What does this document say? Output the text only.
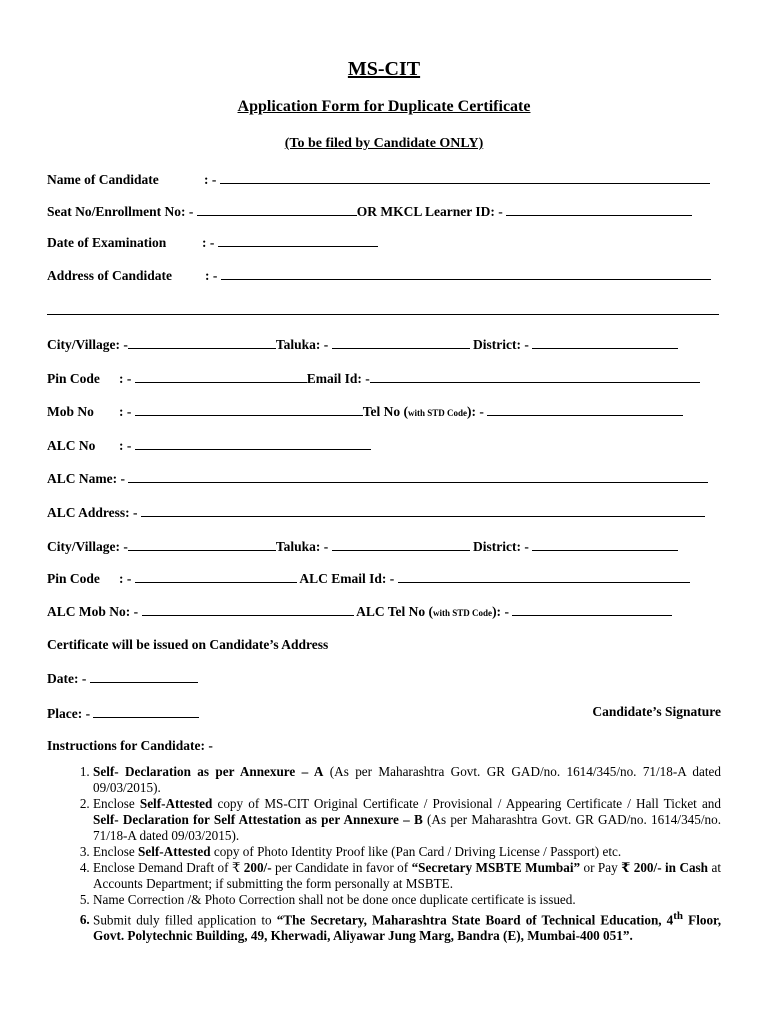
MS-CIT
Application Form for Duplicate Certificate
(To be filed by Candidate ONLY)
Name of Candidate	: -
Seat No/Enrollment No: -	OR MKCL Learner ID: -
Date of Examination	: -
Address of Candidate : -
City/Village: -	Taluka: -	District: -
Pin Code : -	Email Id: -
Mob No : -	Tel No (with STD Code): -
ALC No : -
ALC Name: -
ALC Address: -
City/Village: -	Taluka: -	District: -
Pin Code : -	ALC Email Id: -
ALC Mob No: -	ALC Tel No (with STD Code): -
Certificate will be issued on Candidate’s Address
Date: -
Place: -	Candidate’s Signature
Instructions for Candidate: -
1. Self- Declaration as per Annexure – A (As per Maharashtra Govt. GR GAD/no. 1614/345/no. 71/18-A dated 09/03/2015).
2. Enclose Self-Attested copy of MS-CIT Original Certificate / Provisional / Appearing Certificate / Hall Ticket and Self- Declaration for Self Attestation as per Annexure – B (As per Maharashtra Govt. GR GAD/no. 1614/345/no. 71/18-A dated 09/03/2015).
3. Enclose Self-Attested copy of Photo Identity Proof like (Pan Card / Driving License / Passport) etc.
4. Enclose Demand Draft of ₹ 200/- per Candidate in favor of “Secretary MSBTE Mumbai” or Pay ₹ 200/- in Cash at Accounts Department; if submitting the form personally at MSBTE.
5. Name Correction /& Photo Correction shall not be done once duplicate certificate is issued.
6. Submit duly filled application to “The Secretary, Maharashtra State Board of Technical Education, 4th Floor, Govt. Polytechnic Building, 49, Kherwadi, Aliyawar Jung Marg, Bandra (E), Mumbai-400 051”.
